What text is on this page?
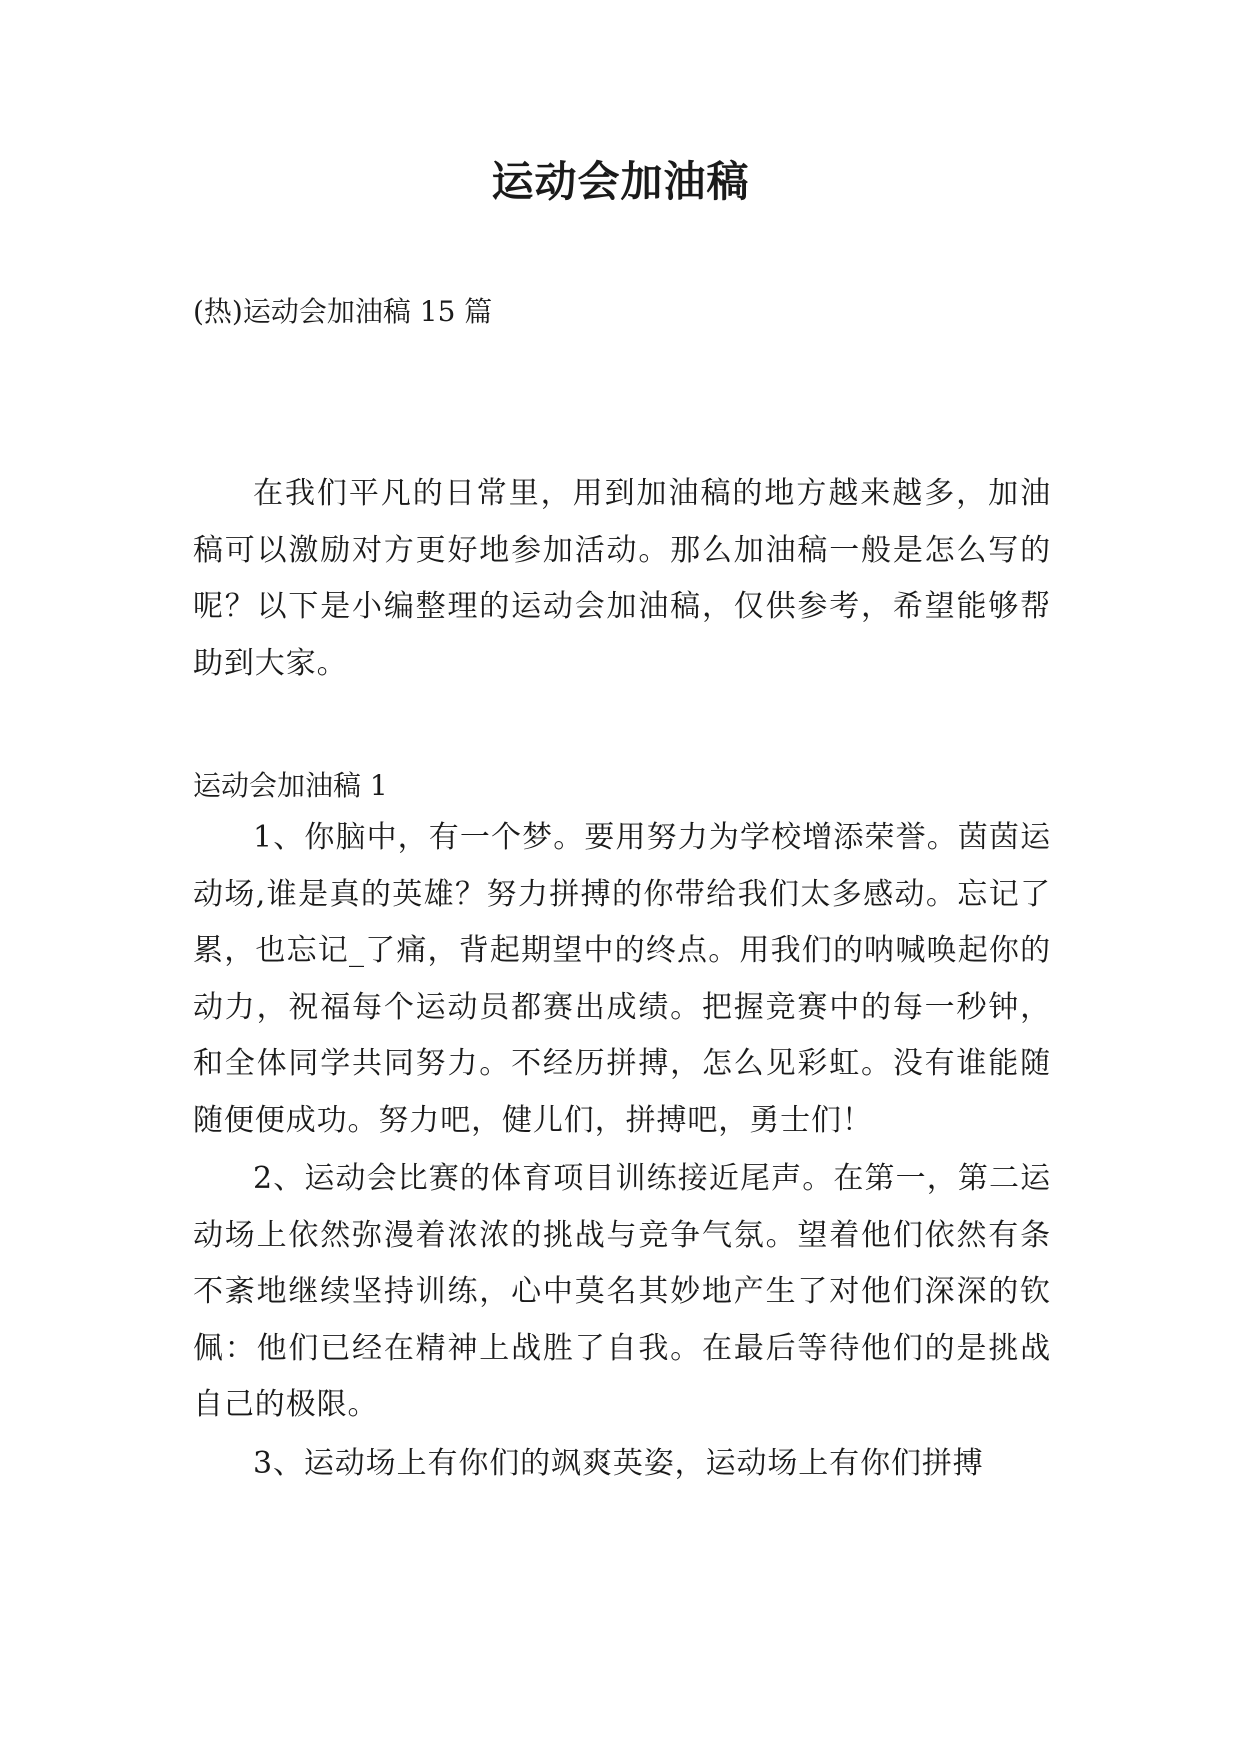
运动会加油稿
(热)运动会加油稿 15 篇

在我们平凡的日常里，用到加油稿的地方越来越多，加油稿可以激励对方更好地参加活动。那么加油稿一般是怎么写的呢？以下是小编整理的运动会加油稿，仅供参考，希望能够帮助到大家。

运动会加油稿 1

1、你脑中，有一个梦。要用努力为学校增添荣誉。茵茵运动场,谁是真的英雄？努力拼搏的你带给我们太多感动。忘记了累，也忘记_了痛，背起期望中的终点。用我们的呐喊唤起你的动力，祝福每个运动员都赛出成绩。把握竞赛中的每一秒钟，和全体同学共同努力。不经历拼搏，怎么见彩虹。没有谁能随随便便成功。努力吧，健儿们，拼搏吧，勇士们！

2、运动会比赛的体育项目训练接近尾声。在第一，第二运动场上依然弥漫着浓浓的挑战与竞争气氛。望着他们依然有条不紊地继续坚持训练，心中莫名其妙地产生了对他们深深的钦佩：他们已经在精神上战胜了自我。在最后等待他们的是挑战自己的极限。

3、运动场上有你们的飒爽英姿，运动场上有你们拼搏
